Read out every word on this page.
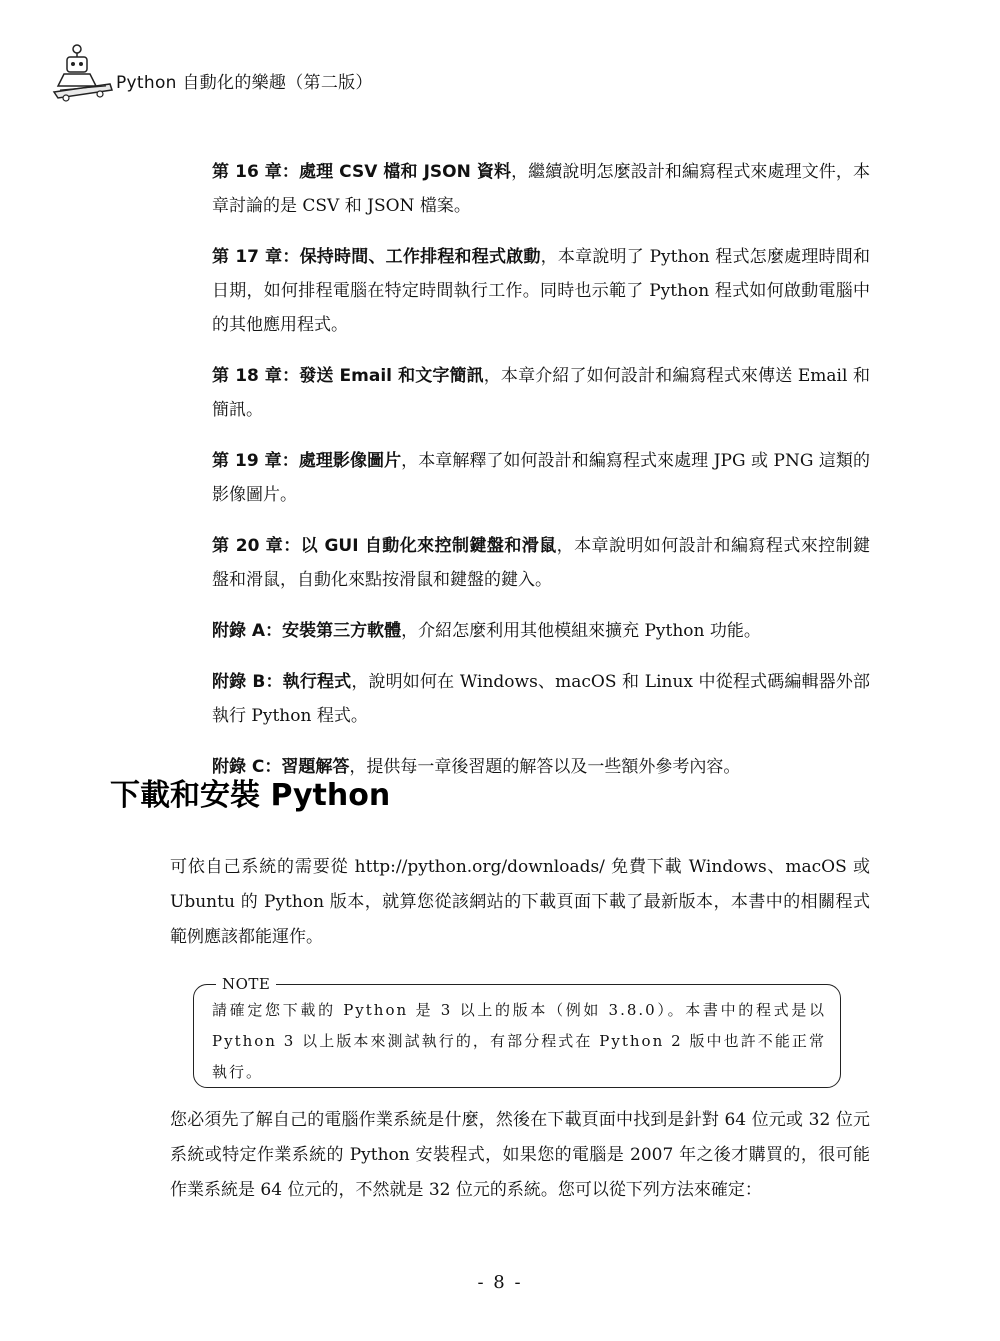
Python 自動化的樂趣（第二版）

第 16 章：處理 CSV 檔和 JSON 資料，繼續說明怎麼設計和編寫程式來處理文件，本章討論的是 CSV 和 JSON 檔案。

第 17 章：保持時間、工作排程和程式啟動，本章說明了 Python 程式怎麼處理時間和日期，如何排程電腦在特定時間執行工作。同時也示範了 Python 程式如何啟動電腦中的其他應用程式。

第 18 章：發送 Email 和文字簡訊，本章介紹了如何設計和編寫程式來傳送 Email 和簡訊。

第 19 章：處理影像圖片，本章解釋了如何設計和編寫程式來處理 JPG 或 PNG 這類的影像圖片。

第 20 章：以 GUI 自動化來控制鍵盤和滑鼠，本章說明如何設計和編寫程式來控制鍵盤和滑鼠，自動化來點按滑鼠和鍵盤的鍵入。

附錄 A：安裝第三方軟體，介紹怎麼利用其他模組來擴充 Python 功能。

附錄 B：執行程式，說明如何在 Windows、macOS 和 Linux 中從程式碼編輯器外部執行 Python 程式。

附錄 C：習題解答，提供每一章後習題的解答以及一些額外參考內容。

下載和安裝 Python

可依自己系統的需要從 http://python.org/downloads/ 免費下載 Windows、macOS 或 Ubuntu 的 Python 版本，就算您從該網站的下載頁面下載了最新版本，本書中的相關程式範例應該都能運作。

NOTE

請確定您下載的 Python 是 3 以上的版本（例如 3.8.0）。本書中的程式是以 Python 3 以上版本來測試執行的，有部分程式在 Python 2 版中也許不能正常執行。

您必須先了解自己的電腦作業系統是什麼，然後在下載頁面中找到是針對 64 位元或 32 位元系統或特定作業系統的 Python 安裝程式，如果您的電腦是 2007 年之後才購買的，很可能作業系統是 64 位元的，不然就是 32 位元的系統。您可以從下列方法來確定：

- 8 -
